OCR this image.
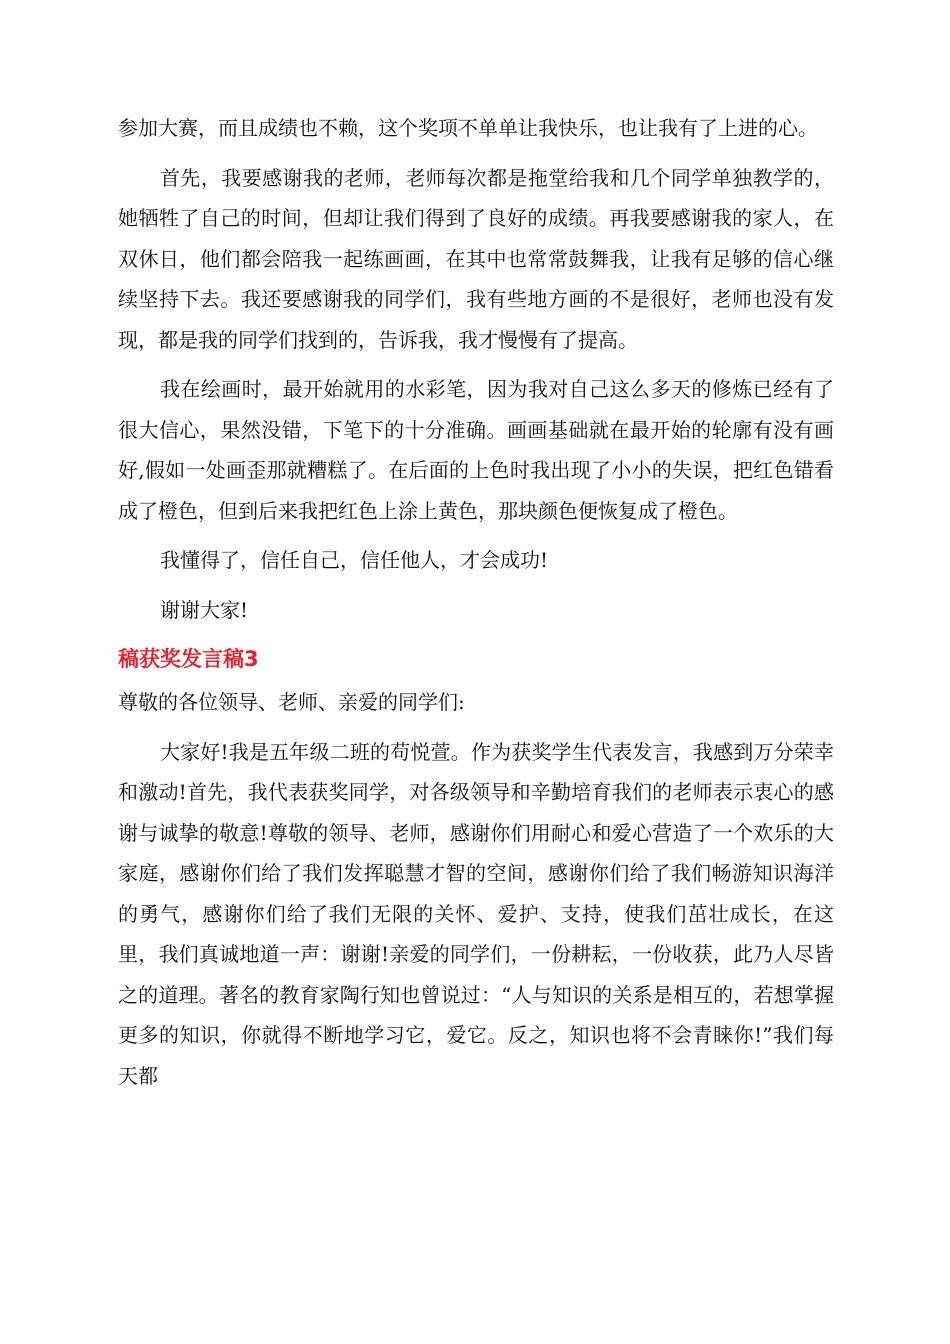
参加大赛，而且成绩也不赖，这个奖项不单单让我快乐，也让我有了上进的心。

首先，我要感谢我的老师，老师每次都是拖堂给我和几个同学单独教学的，她牺牲了自己的时间，但却让我们得到了良好的成绩。再我要感谢我的家人，在双休日，他们都会陪我一起练画画，在其中也常常鼓舞我，让我有足够的信心继续坚持下去。我还要感谢我的同学们，我有些地方画的不是很好，老师也没有发现，都是我的同学们找到的，告诉我，我才慢慢有了提高。

我在绘画时，最开始就用的水彩笔，因为我对自己这么多天的修炼已经有了很大信心，果然没错，下笔下的十分准确。画画基础就在最开始的轮廓有没有画好,假如一处画歪那就糟糕了。在后面的上色时我出现了小小的失误，把红色错看成了橙色，但到后来我把红色上涂上黄色，那块颜色便恢复成了橙色。

我懂得了，信任自己，信任他人，才会成功!

谢谢大家!

稿获奖发言稿3

尊敬的各位领导、老师、亲爱的同学们:

大家好!我是五年级二班的苟悦萱。作为获奖学生代表发言，我感到万分荣幸和激动!首先，我代表获奖同学，对各级领导和辛勤培育我们的老师表示衷心的感谢与诚挚的敬意!尊敬的领导、老师，感谢你们用耐心和爱心营造了一个欢乐的大家庭，感谢你们给了我们发挥聪慧才智的空间，感谢你们给了我们畅游知识海洋的勇气，感谢你们给了我们无限的关怀、爱护、支持，使我们茁壮成长，在这里，我们真诚地道一声：谢谢!亲爱的同学们，一份耕耘，一份收获，此乃人尽皆之的道理。著名的教育家陶行知也曾说过：“人与知识的关系是相互的，若想掌握更多的知识，你就得不断地学习它，爱它。反之，知识也将不会青睐你!”我们每天都
